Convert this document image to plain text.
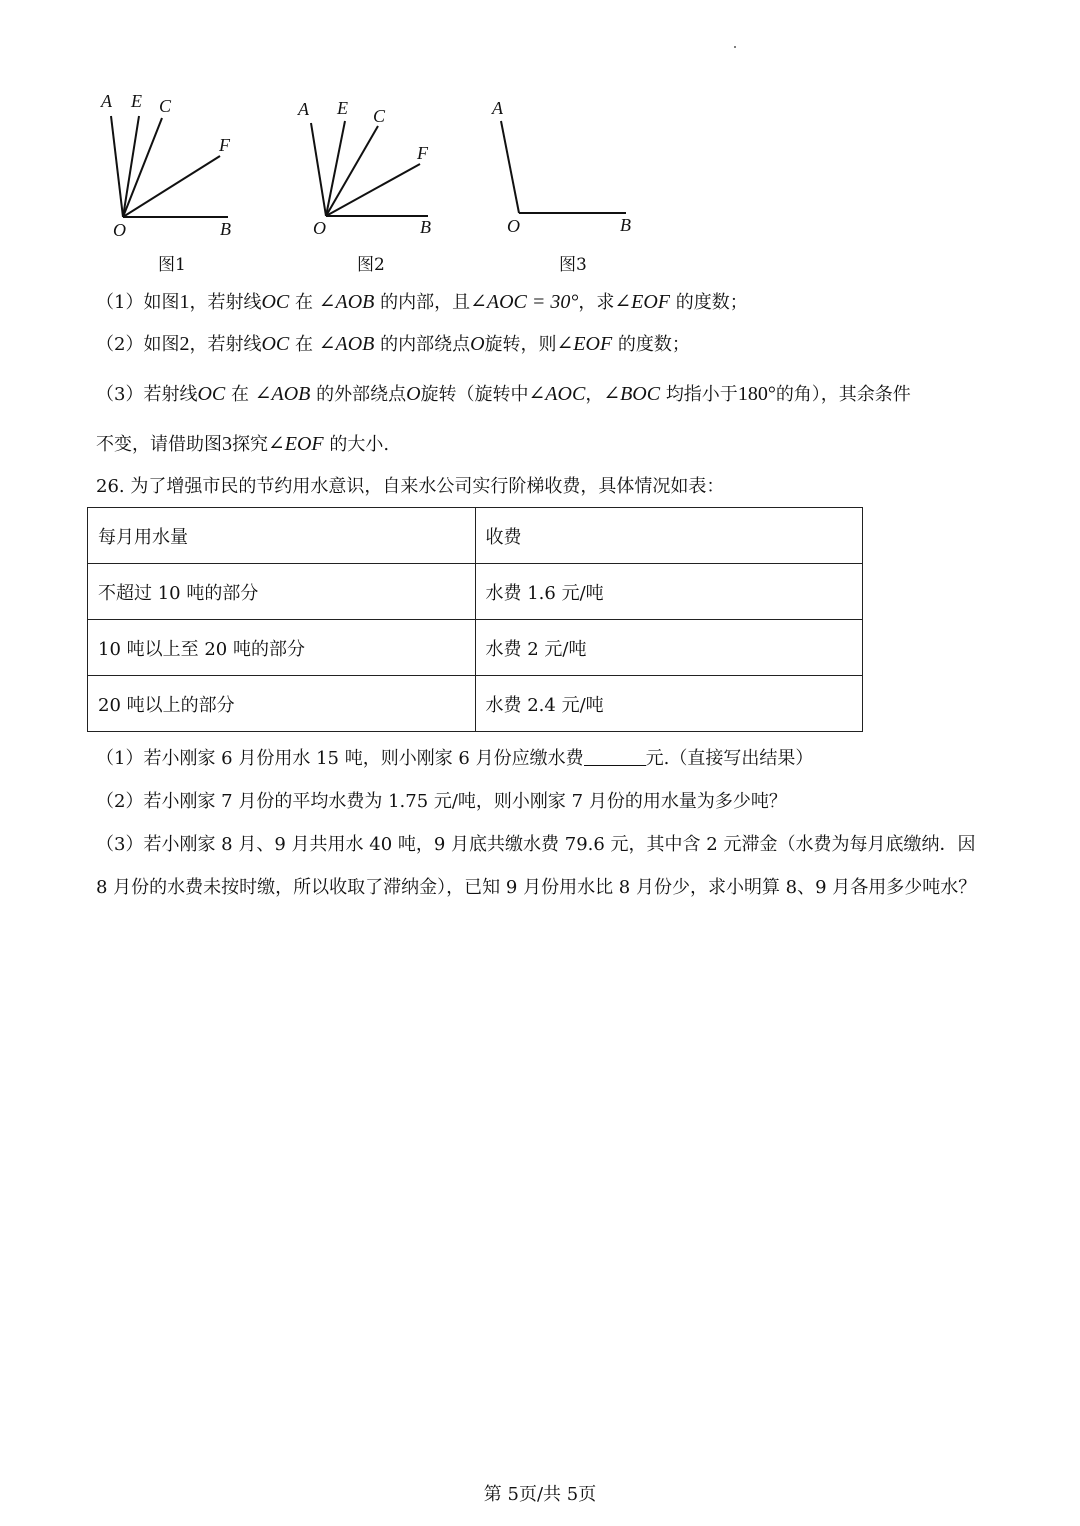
A E C
F
O	B
A E C
F
O	B
A
O	B
图1	图2	图3
（1）如图1，若射线OC 在 ∠AOB 的内部，且∠AOC = 30°，求∠EOF 的度数；
（2）如图2，若射线OC 在 ∠AOB 的内部绕点O旋转，则∠EOF 的度数；
（3）若射线OC 在 ∠AOB 的外部绕点O旋转（旋转中∠AOC，∠BOC 均指小于180°的角），其余条件
不变，请借助图3探究∠EOF 的大小.
26. 为了增强市民的节约用水意识，自来水公司实行阶梯收费，具体情况如表：
每月用水量	收费
不超过 10 吨的部分	水费 1.6 元/吨
10 吨以上至 20 吨的部分	水费 2 元/吨
20 吨以上的部分	水费 2.4 元/吨
（1）若小刚家 6 月份用水 15 吨，则小刚家 6 月份应缴水费	元.（直接写出结果）
（2）若小刚家 7 月份的平均水费为 1.75 元/吨，则小刚家 7 月份的用水量为多少吨？
（3）若小刚家 8 月、9 月共用水 40 吨，9 月底共缴水费 79.6 元，其中含 2 元滞金（水费为每月底缴纳．因
8 月份的水费未按时缴，所以收取了滞纳金），已知 9 月份用水比 8 月份少，求小明算 8、9 月各用多少吨水？
第 5页/共 5页
